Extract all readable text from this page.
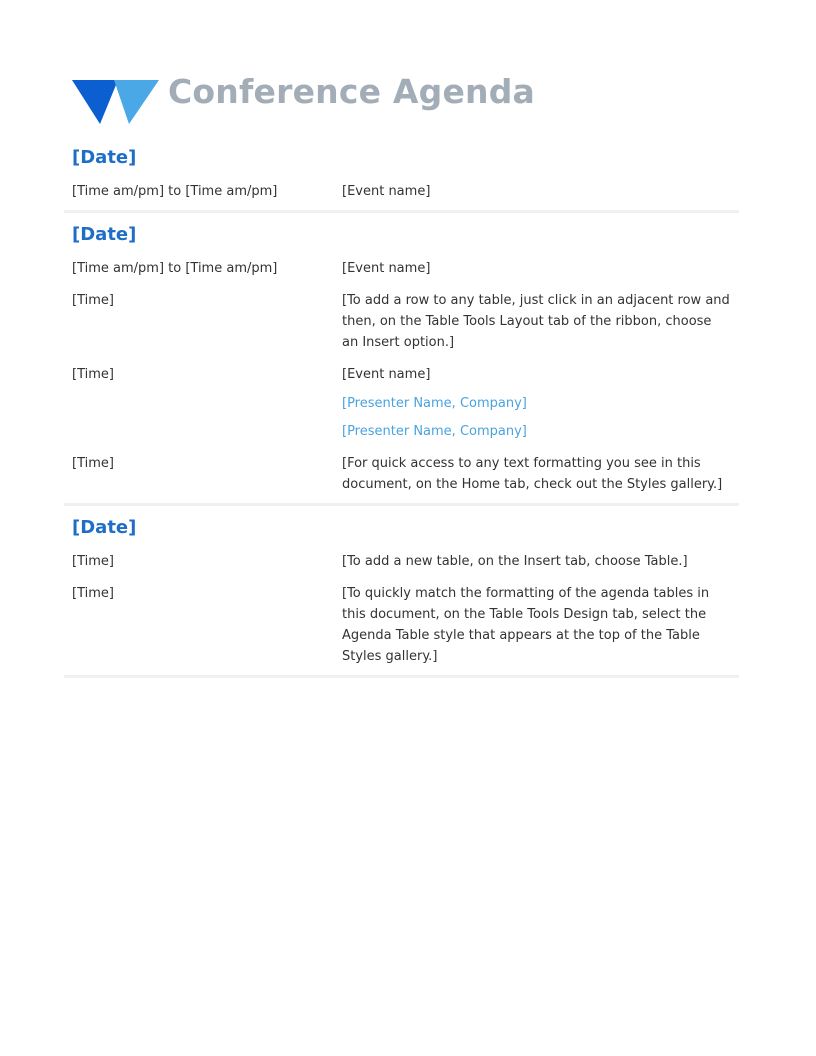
Conference Agenda
[Date]
[Time am/pm] to [Time am/pm]	[Event name]
[Date]
[Time am/pm] to [Time am/pm]	[Event name]
[Time]	[To add a row to any table, just click in an adjacent row and then, on the Table Tools Layout tab of the ribbon, choose an Insert option.]
[Time]	[Event name]
[Presenter Name, Company]
[Presenter Name, Company]
[Time]	[For quick access to any text formatting you see in this document, on the Home tab, check out the Styles gallery.]
[Date]
[Time]	[To add a new table, on the Insert tab, choose Table.]
[Time]	[To quickly match the formatting of the agenda tables in this document, on the Table Tools Design tab, select the Agenda Table style that appears at the top of the Table Styles gallery.]
